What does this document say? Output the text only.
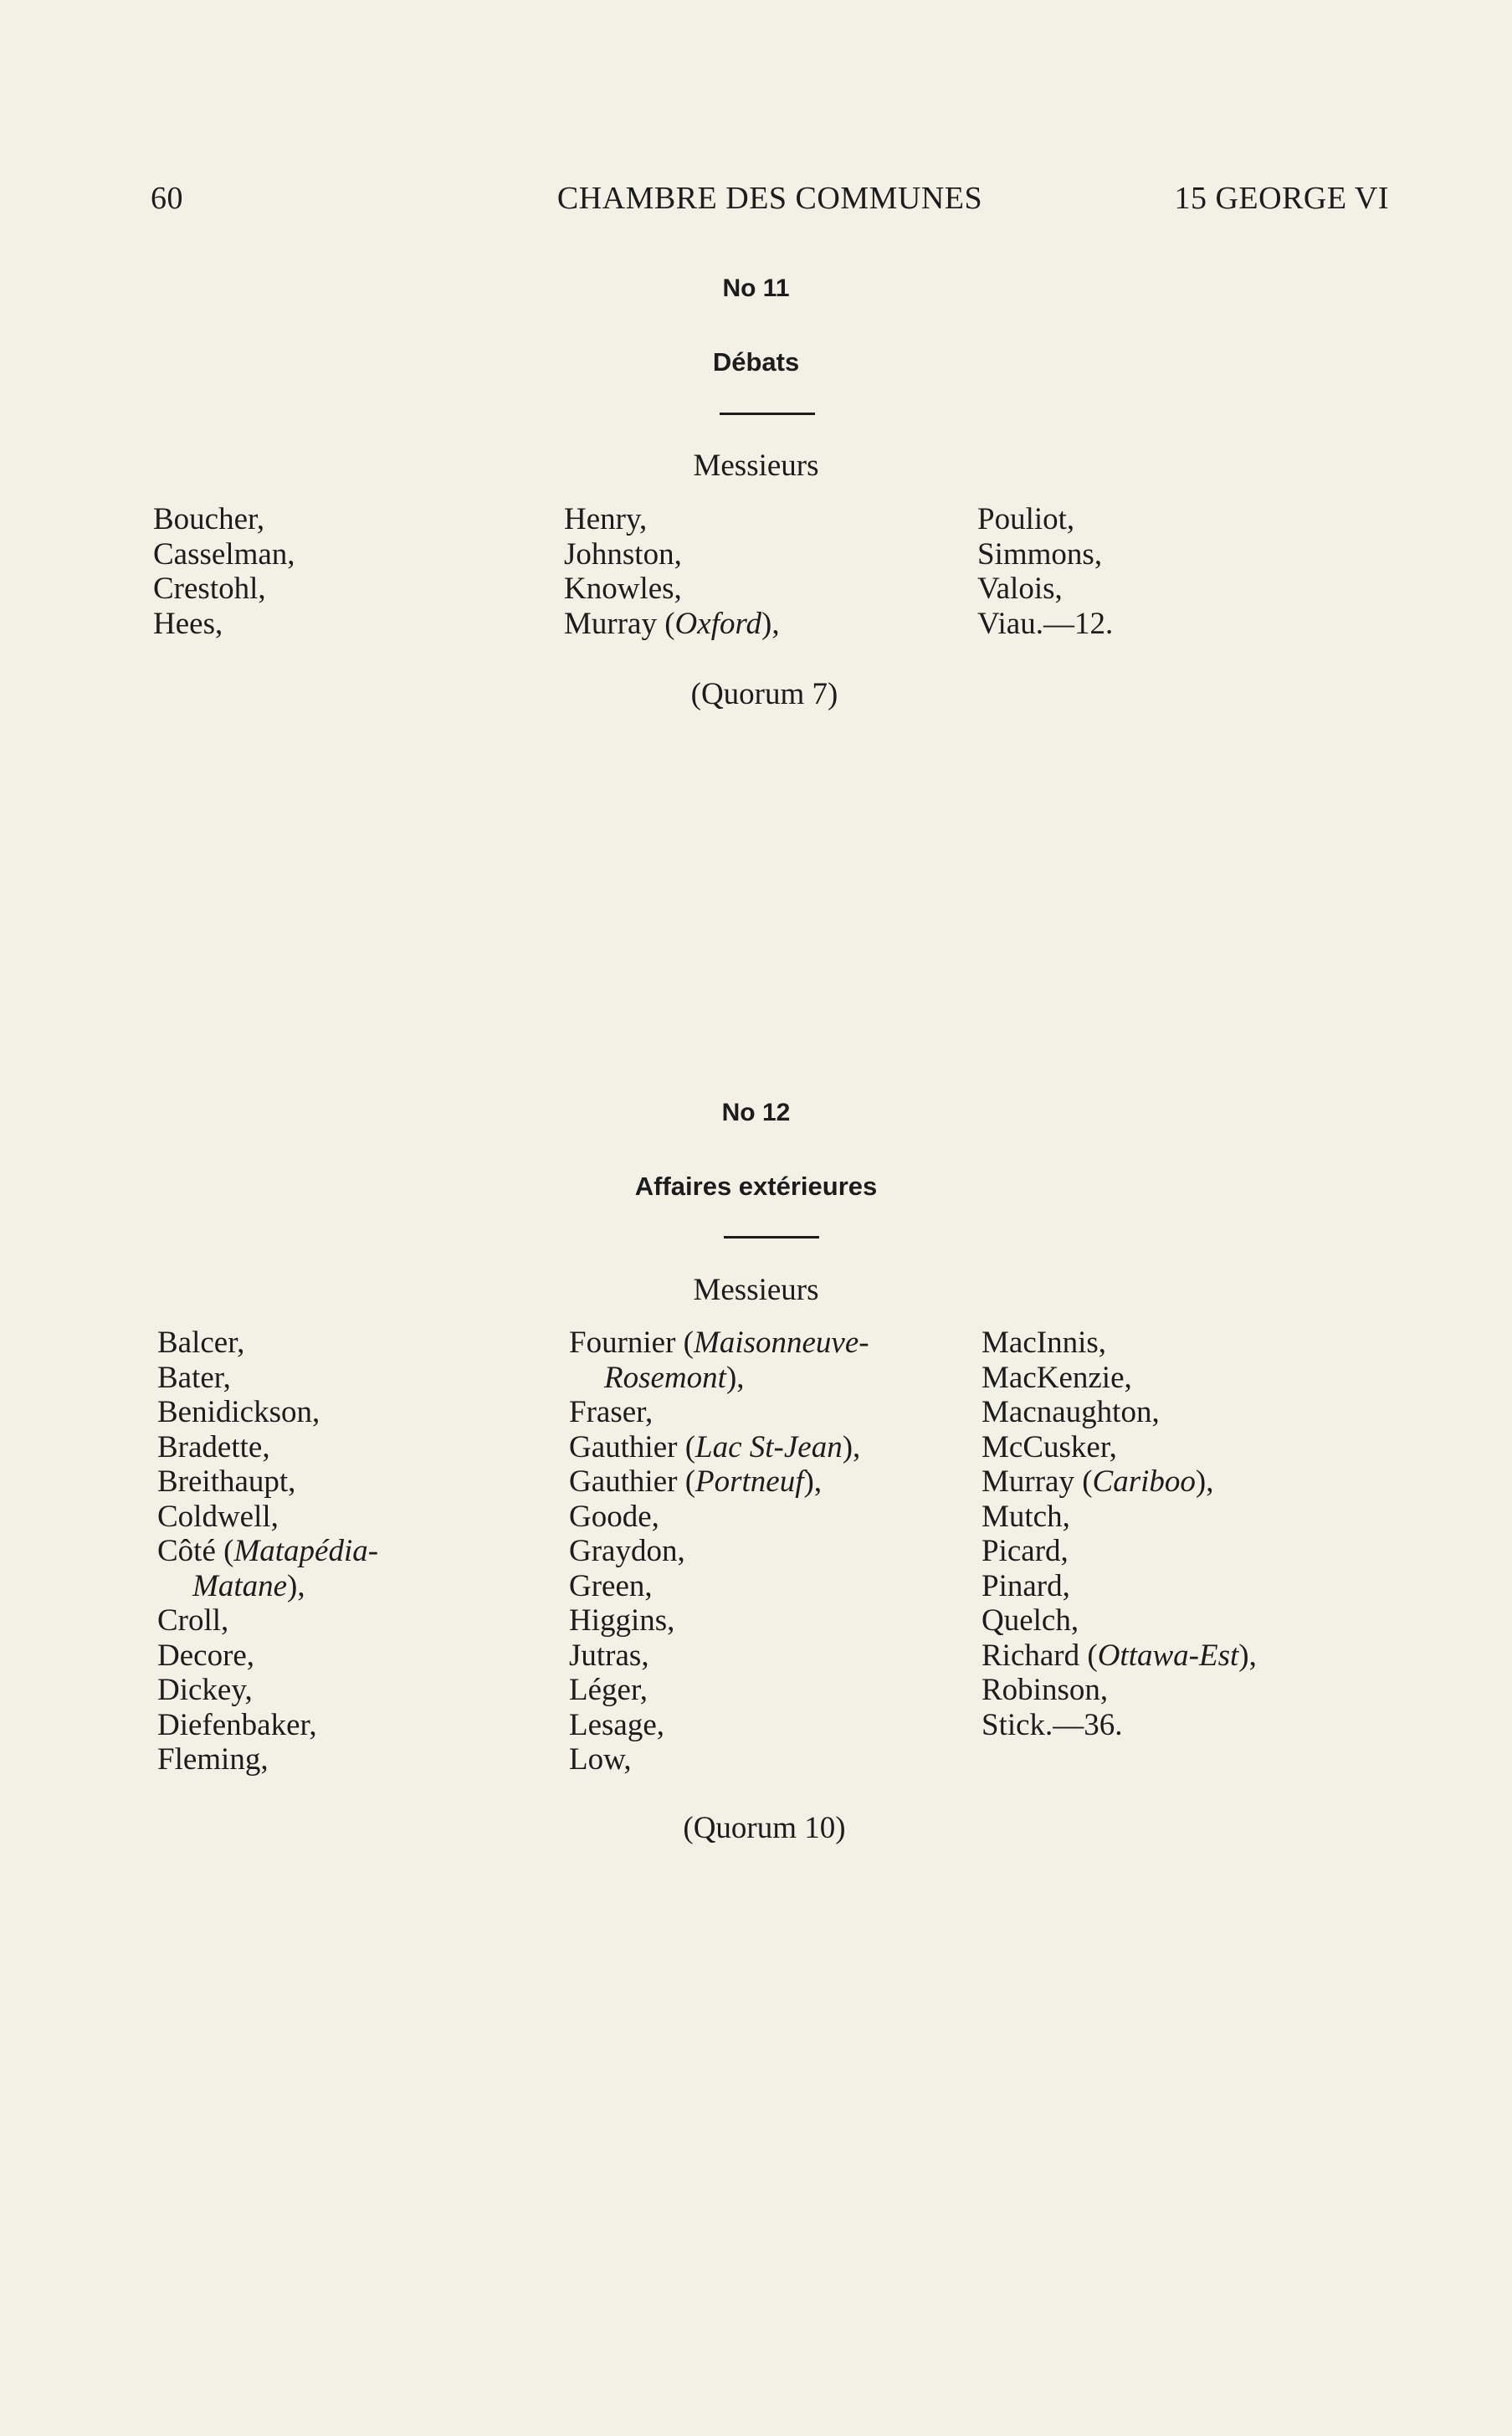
60	CHAMBRE DES COMMUNES	15 GEORGE VI
No 11
Débats
Messieurs
Boucher,
Casselman,
Crestohl,
Hees,
Henry,
Johnston,
Knowles,
Murray (Oxford),
Pouliot,
Simmons,
Valois,
Viau.—12.
(Quorum 7)
No 12
Affaires extérieures
Messieurs
Balcer,
Bater,
Benidickson,
Bradette,
Breithaupt,
Coldwell,
Côté (Matapédia-
Matane),
Croll,
Decore,
Dickey,
Diefenbaker,
Fleming,
Fournier (Maisonneuve-
Rosemont),
Fraser,
Gauthier (Lac St-Jean),
Gauthier (Portneuf),
Goode,
Graydon,
Green,
Higgins,
Jutras,
Léger,
Lesage,
Low,
MacInnis,
MacKenzie,
Macnaughton,
McCusker,
Murray (Cariboo),
Mutch,
Picard,
Pinard,
Quelch,
Richard (Ottawa-Est),
Robinson,
Stick.—36.
(Quorum 10)
